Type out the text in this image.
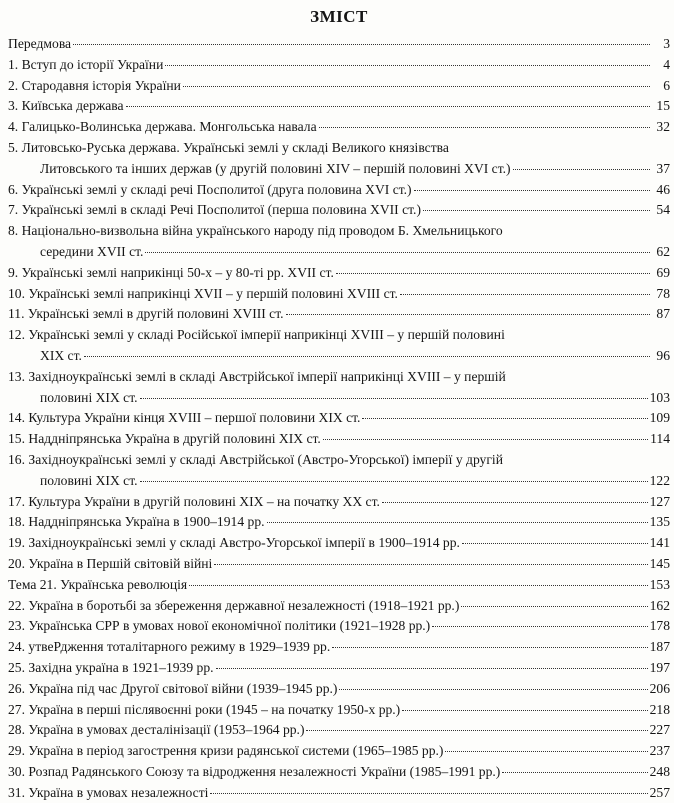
ЗМІСТ
Передмова	3
1. Вступ до історії України	4
2. Стародавня історія України	6
3. Київська держава	15
4. Галицько-Волинська держава. Монгольська навала	32
5. Литовсько-Руська держава. Українські землі у складі Великого князівства
Литовського та інших держав (у другій половині XIV – першій половині XVI ст.)	37
6. Українські землі у складі речі Посполитої (друга половина XVI ст.)	46
7. Українські землі в складі Речі Посполитої (перша половина XVII ст.)	54
8. Національно-визвольна війна українського народу під проводом Б. Хмельницького
середини XVII ст.	62
9. Українські землі наприкінці 50-х – у 80-ті рр. XVII ст.	69
10. Українські землі наприкінці XVII – у першій половині XVIII ст.	78
11. Українські землі в другій половині XVIII ст.	87
12. Українські землі у складі Російської імперії наприкінці XVIII – у першій половині
XIX ст.	96
13. Західноукраїнські землі в складі Австрійської імперії наприкінці XVIII – у першій
половині XIX ст.	103
14. Культура України кінця XVIII – першої половини XIX ст.	109
15. Наддніпрянська Україна в другій половині XIX ст.	114
16. Західноукраїнські землі у складі Австрійської (Австро-Угорської) імперії у другій
половині XIX ст.	122
17. Культура України в другій половині XIX – на початку XX ст.	127
18. Наддніпрянська Україна в 1900–1914 рр.	135
19. Західноукраїнські землі у складі Австро-Угорської імперії в 1900–1914 рр.	141
20. Україна в Першій світовій війні	145
Тема 21. Українська революція	153
22. Україна в боротьбі за збереження державної незалежності (1918–1921 рр.)	162
23. Українська СРР в умовах нової економічної політики (1921–1928 рр.)	178
24. утвеРдження тоталітарного режиму в 1929–1939 рр.	187
25. Західна україна в 1921–1939 рр.	197
26. Україна під час Другої світової війни (1939–1945 рр.)	206
27. Україна в перші післявоєнні роки (1945 – на початку 1950-х рр.)	218
28. Україна в умовах десталінізації (1953–1964 рр.)	227
29. Україна в період загострення кризи радянської системи (1965–1985 рр.)	237
30. Розпад Радянського Союзу та відродження незалежності України (1985–1991 рр.)	248
31. Україна в умовах незалежності	257
